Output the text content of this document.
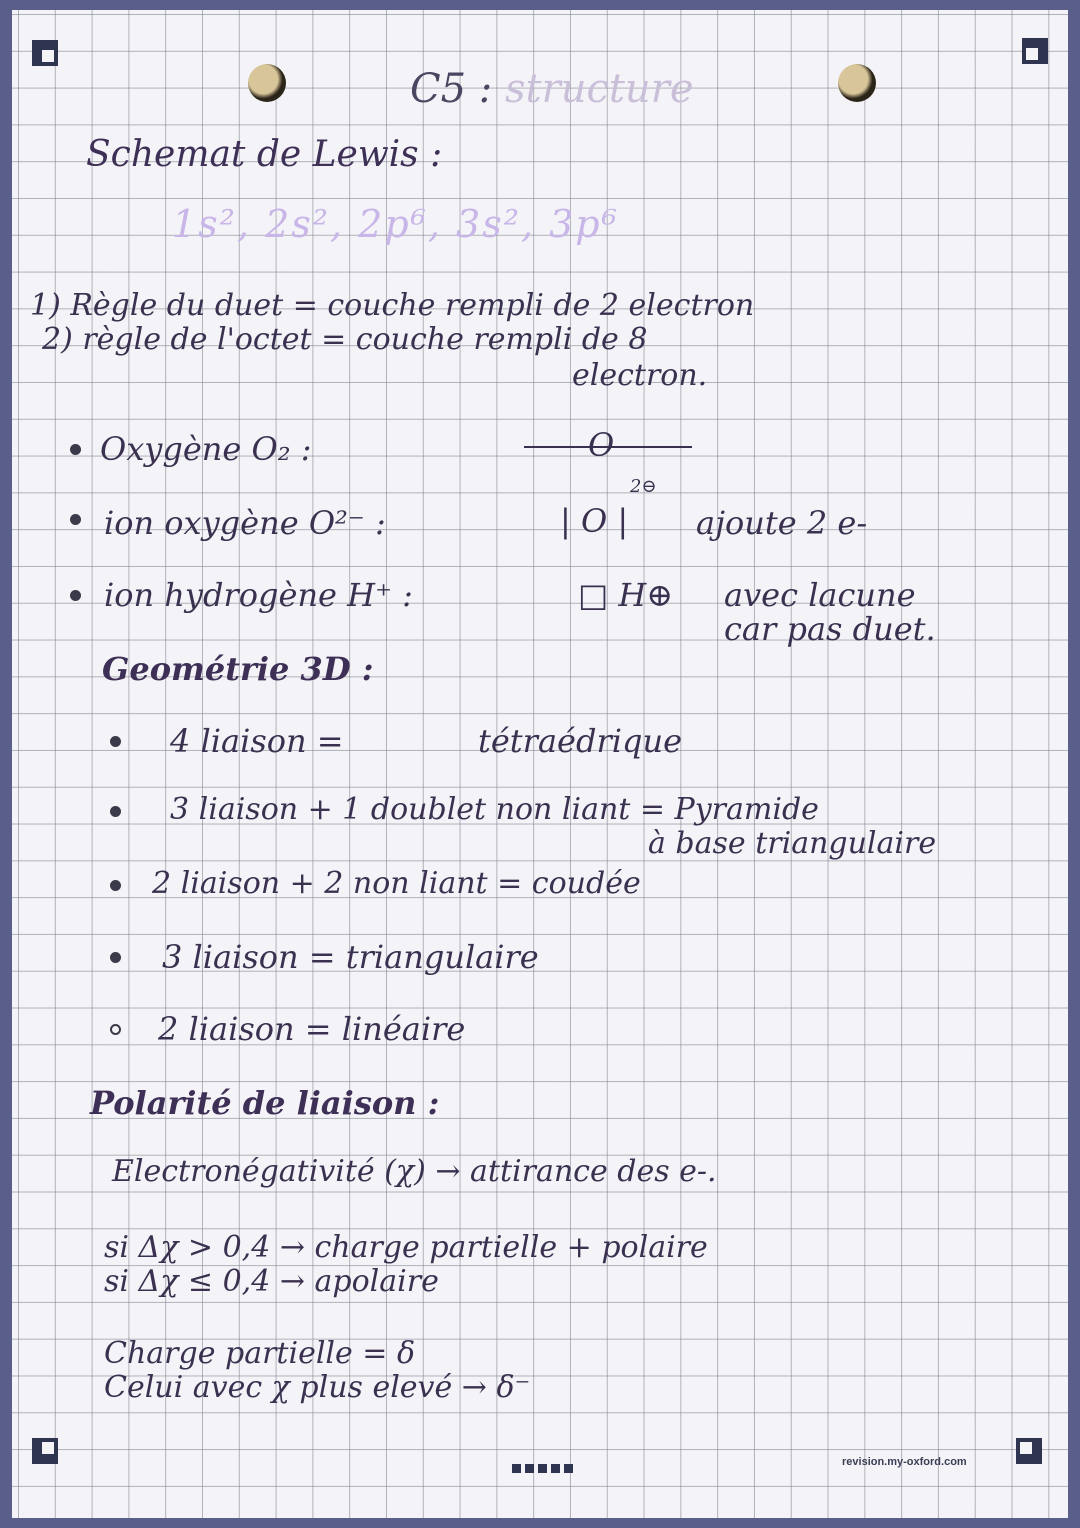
C5 : structure
Schemat de Lewis :
1s², 2s², 2p⁶, 3s², 3p⁶
1) Règle du duet = couche rempli de 2 electron
2) règle de l'octet = couche rempli de 8
electron.
Oxygène O₂ :	O
ion oxygène O²⁻ :	| O |
2⊖
ajoute 2 e-
ion hydrogène H⁺ :	□ H⊕ avec lacune
car pas duet.
Geométrie 3D :
4 liaison =	tétraédrique
3 liaison + 1 doublet non liant = Pyramide
à base triangulaire
2 liaison + 2 non liant = coudée
3 liaison = triangulaire
2 liaison = linéaire
Polarité de liaison :
Electronégativité (χ) → attirance des e-.
si Δχ > 0,4 → charge partielle + polaire
si Δχ ≤ 0,4 → apolaire
Charge partielle = δ
Celui avec χ plus elevé → δ⁻
revision.my-oxford.com
